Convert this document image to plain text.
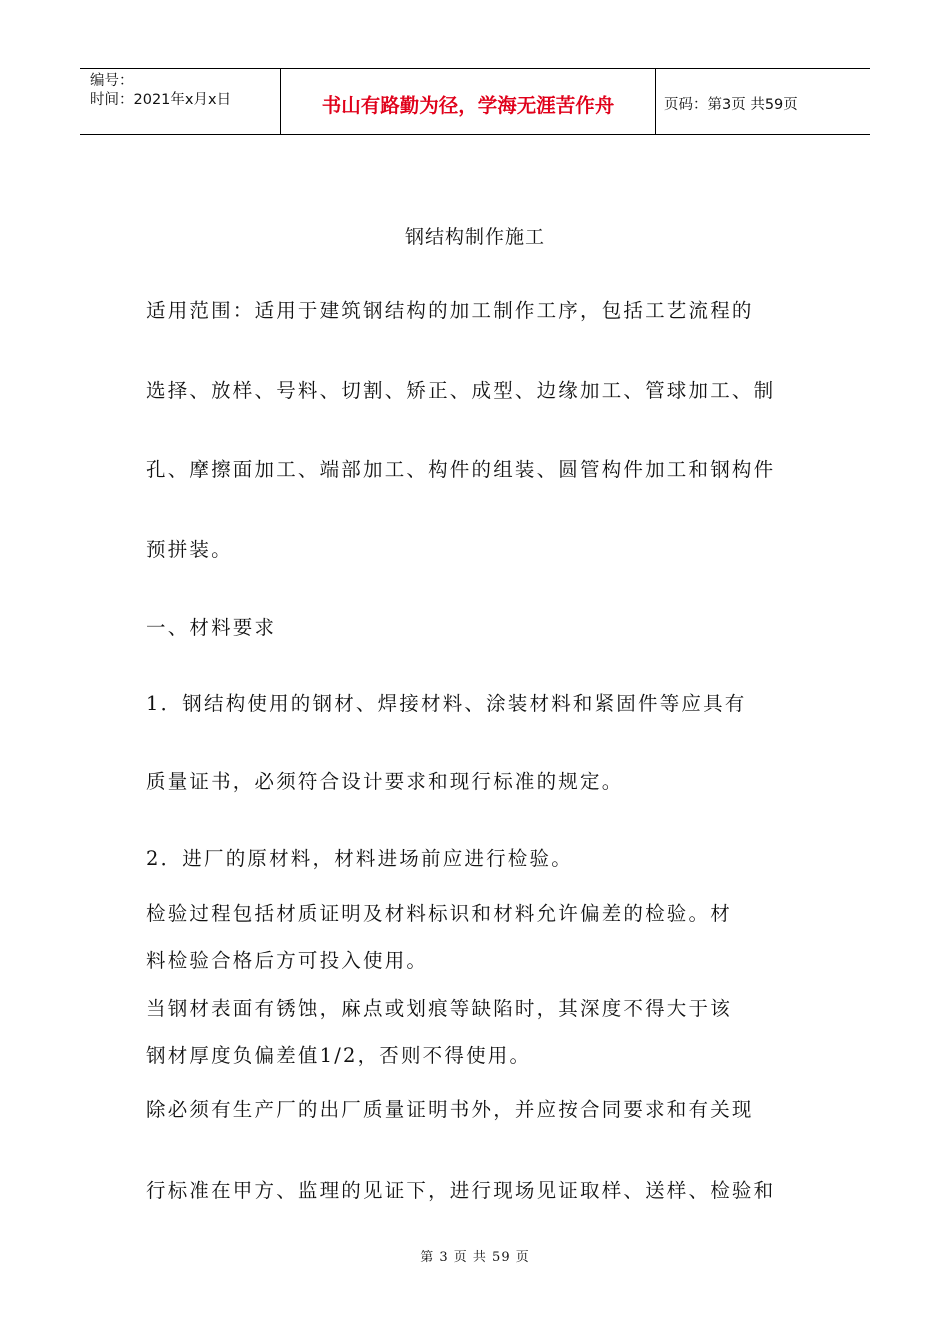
编号：
时间：2021年x月x日	书山有路勤为径，学海无涯苦作舟	页码：第3页 共59页
钢结构制作施工
适用范围：适用于建筑钢结构的加工制作工序，包括工艺流程的
选择、放样、号料、切割、矫正、成型、边缘加工、管球加工、制
孔、摩擦面加工、端部加工、构件的组装、圆管构件加工和钢构件
预拼装。
一、材料要求
1．钢结构使用的钢材、焊接材料、涂装材料和紧固件等应具有
质量证书，必须符合设计要求和现行标准的规定。
2．进厂的原材料，材料进场前应进行检验。
检验过程包括材质证明及材料标识和材料允许偏差的检验。材
料检验合格后方可投入使用。
当钢材表面有锈蚀，麻点或划痕等缺陷时，其深度不得大于该
钢材厚度负偏差值1/2，否则不得使用。
除必须有生产厂的出厂质量证明书外，并应按合同要求和有关现
行标准在甲方、监理的见证下，进行现场见证取样、送样、检验和
第 3 页 共 59 页
